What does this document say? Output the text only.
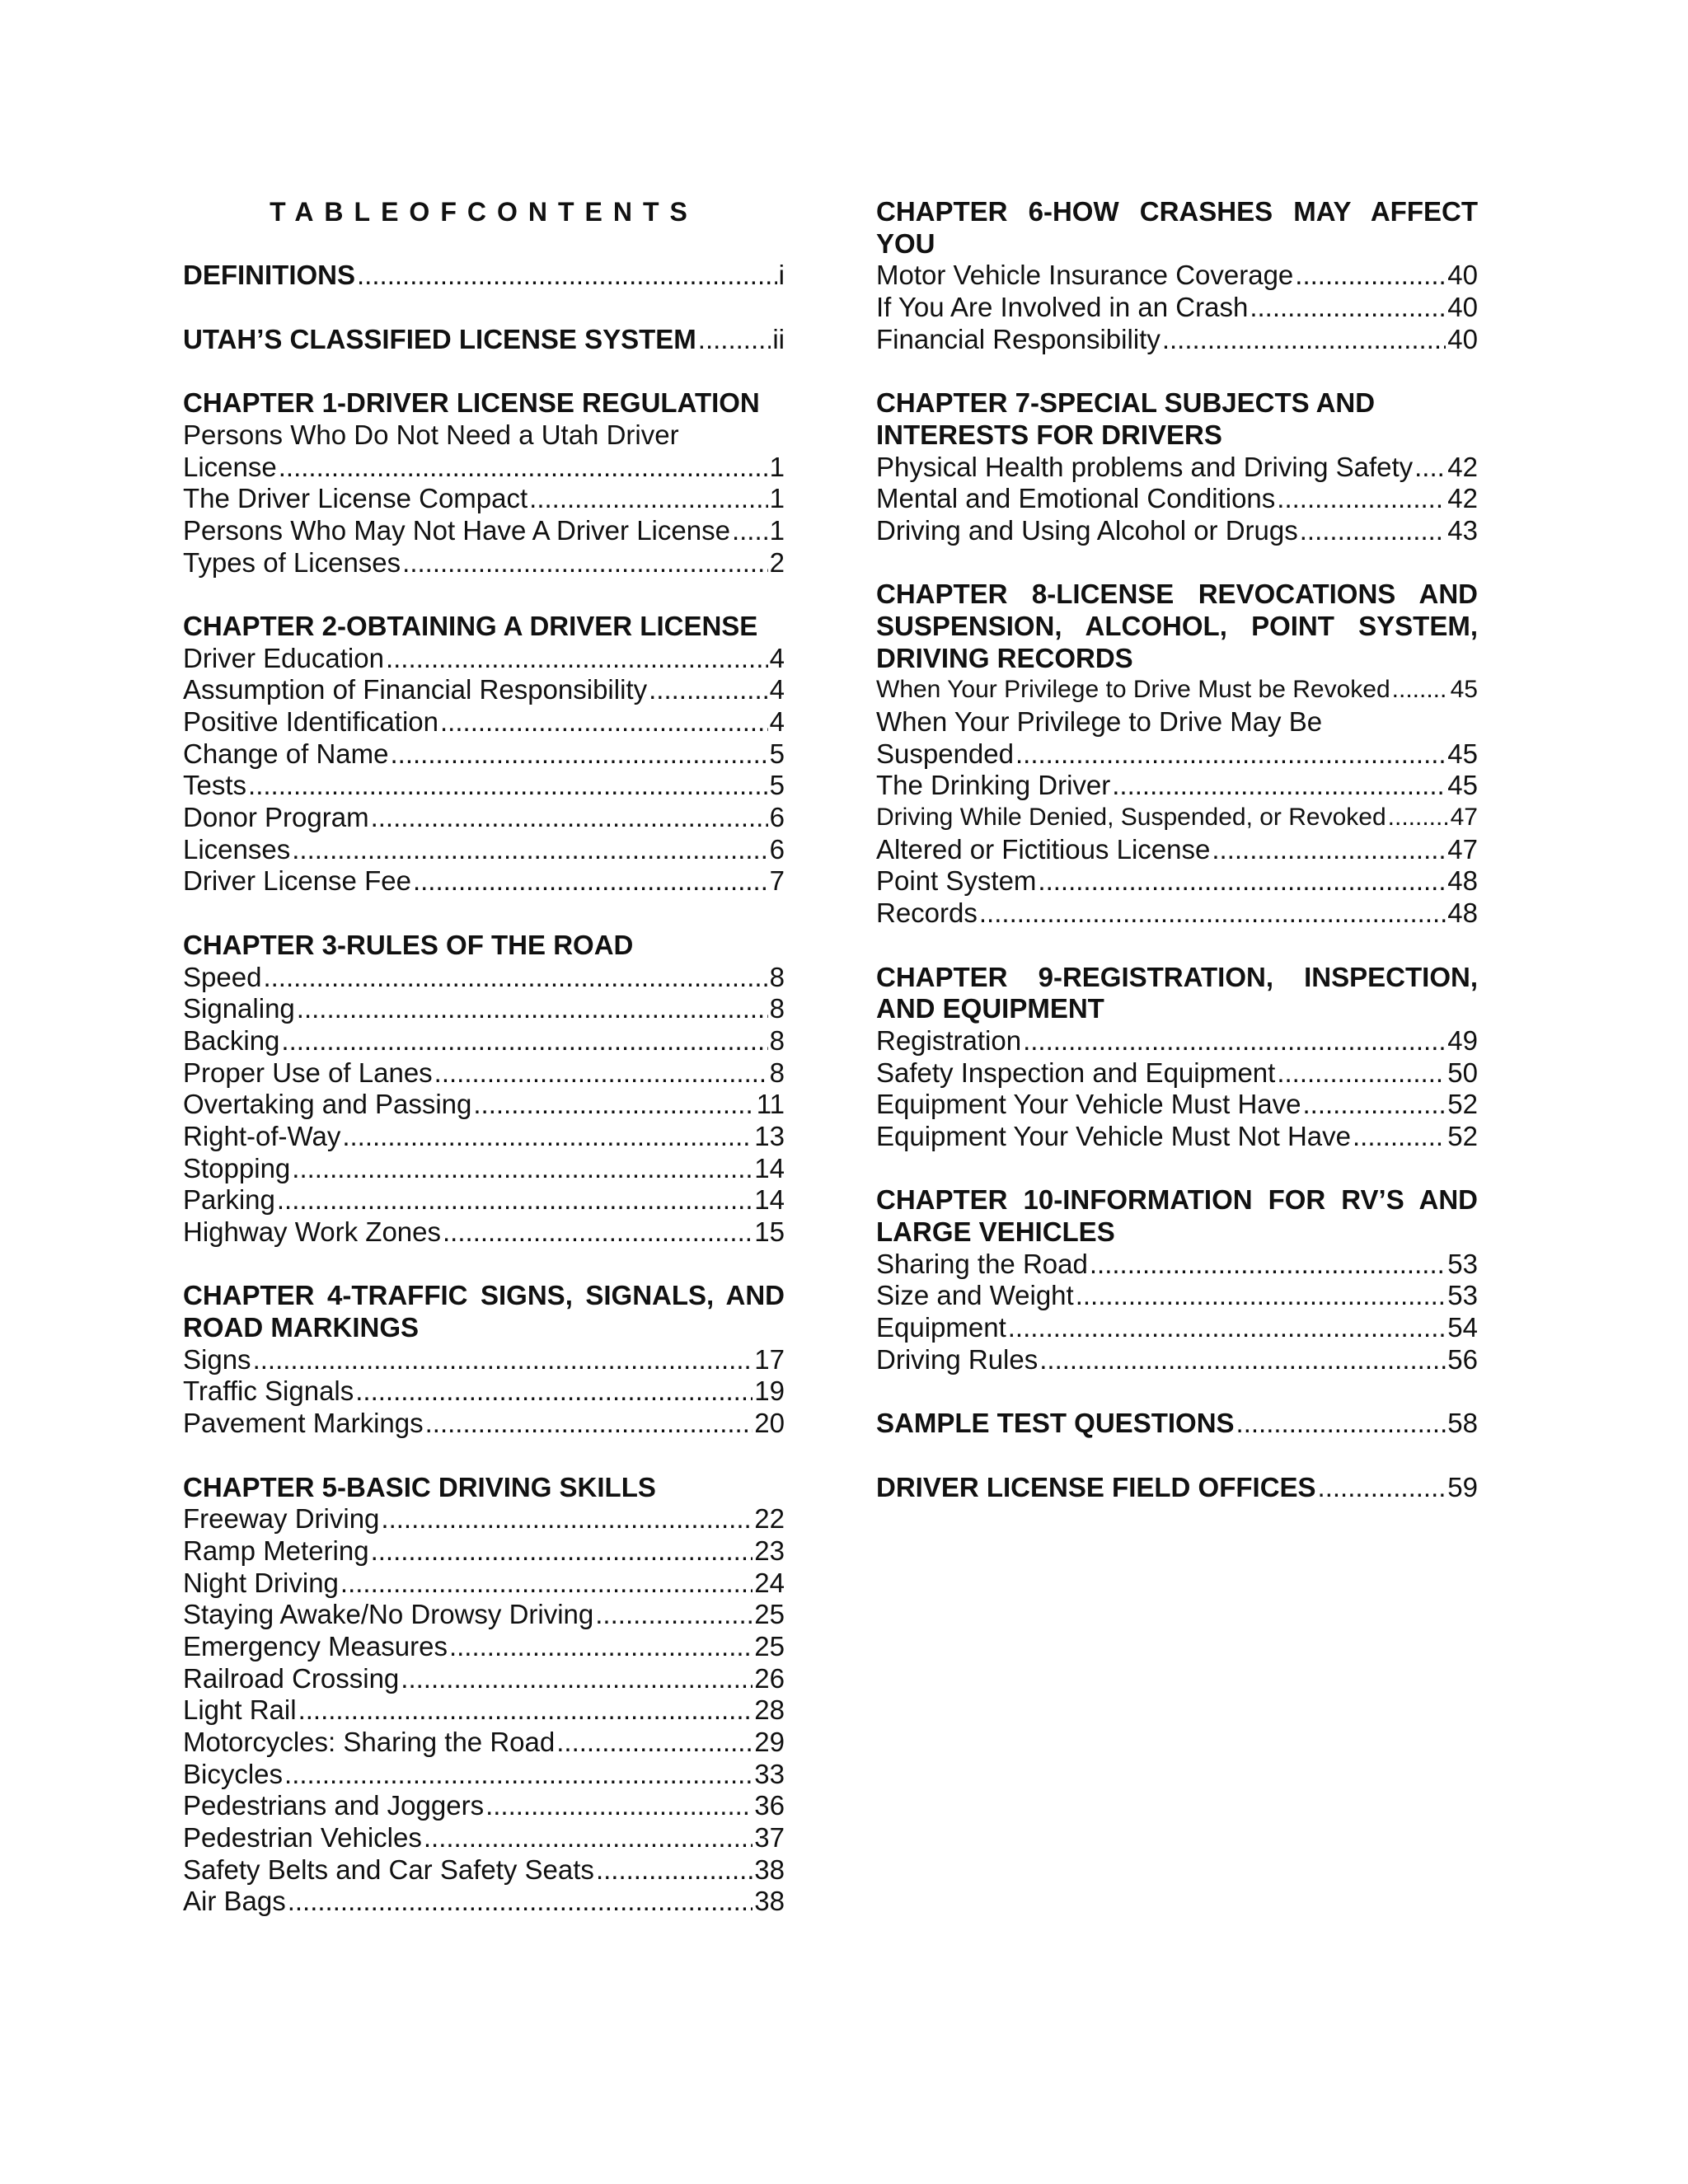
TABLEOFCONTENTS
DEFINITIONS .....	i
UTAH’S CLASSIFIED LICENSE SYSTEM .....	ii
CHAPTER 1-DRIVER LICENSE REGULATION
Persons Who Do Not Need a Utah Driver
License .....	1
The Driver License Compact .....	1
Persons Who May Not Have A Driver License ..... 1
Types of Licenses .....	2
CHAPTER 2-OBTAINING A DRIVER LICENSE
Driver Education .....	4
Assumption of Financial Responsibility .....	4
Positive Identification .....	4
Change of Name .....	5
Tests .....	5
Donor Program .....	6
Licenses .....	6
Driver License Fee .....	7
CHAPTER 3-RULES OF THE ROAD
Speed .....	8
Signaling .....	8
Backing .....	8
Proper Use of Lanes .....	8
Overtaking and Passing .....	11
Right-of-Way .....	13
Stopping .....	14
Parking .....	14
Highway Work Zones .....	15
CHAPTER 4-TRAFFIC SIGNS, SIGNALS, AND
ROAD MARKINGS
Signs .....	17
Traffic Signals .....	19
Pavement Markings .....	20
CHAPTER 5-BASIC DRIVING SKILLS
Freeway Driving .....	22
Ramp Metering .....	23
Night Driving .....	24
Staying Awake/No Drowsy Driving .....	25
Emergency Measures .....	25
Railroad Crossing .....	26
Light Rail .....	28
Motorcycles: Sharing the Road .....	29
Bicycles .....	33
Pedestrians and Joggers .....	36
Pedestrian Vehicles .....	37
Safety Belts and Car Safety Seats .....	38
Air Bags .....	38
CHAPTER 6-HOW CRASHES MAY AFFECT
YOU
Motor Vehicle Insurance Coverage .....	40
If You Are Involved in an Crash .....	40
Financial Responsibility .....	40
CHAPTER 7-SPECIAL SUBJECTS AND
INTERESTS FOR DRIVERS
Physical Health problems and Driving Safety ..... 42
Mental and Emotional Conditions .....	42
Driving and Using Alcohol or Drugs .....	43
CHAPTER 8-LICENSE REVOCATIONS AND
SUSPENSION, ALCOHOL, POINT SYSTEM,
DRIVING RECORDS
When Your Privilege to Drive Must be Revoked ..... 45
When Your Privilege to Drive May Be
Suspended .....	45
The Drinking Driver .....	45
Driving While Denied, Suspended, or Revoked .....	47
Altered or Fictitious License .....	47
Point System .....	48
Records .....	48
CHAPTER 9-REGISTRATION, INSPECTION,
AND EQUIPMENT
Registration .....	49
Safety Inspection and Equipment .....	50
Equipment Your Vehicle Must Have .....	52
Equipment Your Vehicle Must Not Have .....	52
CHAPTER 10-INFORMATION FOR RV’S AND
LARGE VEHICLES
Sharing the Road .....	53
Size and Weight .....	53
Equipment .....	54
Driving Rules .....	56
SAMPLE TEST QUESTIONS .....	58
DRIVER LICENSE FIELD OFFICES .....	59
